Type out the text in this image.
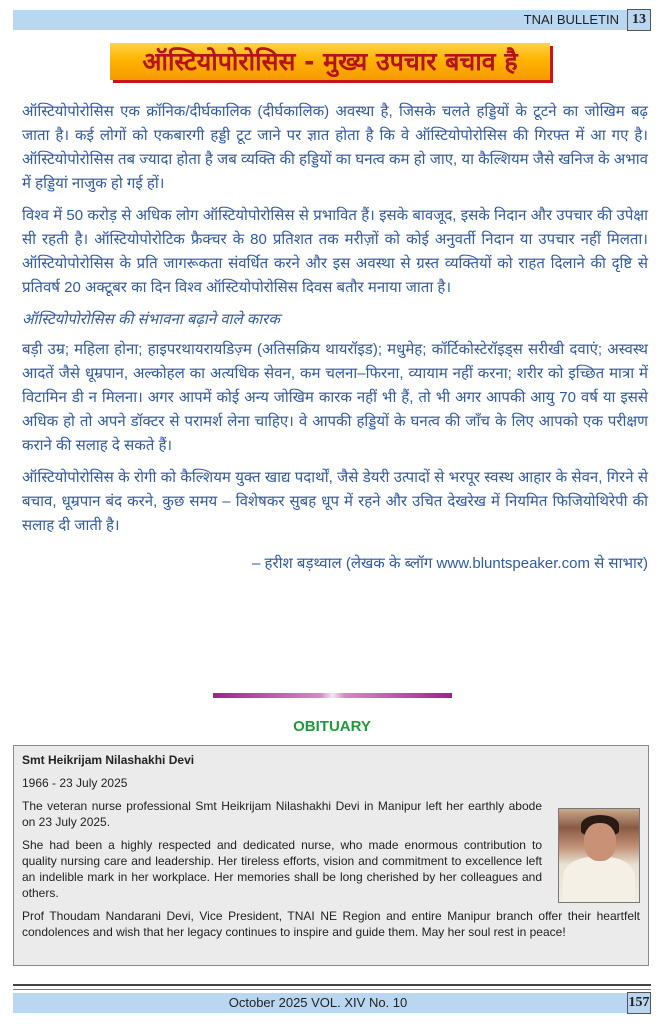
TNAI BULLETIN 13
ऑस्टियोपोरोसिस - मुख्य उपचार बचाव है

ऑस्टियोपोरोसिस एक क्रॉनिक/दीर्घकालिक (दीर्घकालिक) अवस्था है, जिसके चलते हड्डियों के टूटने का जोखिम बढ़ जाता है। कई लोगों को एकबारगी हड्डी टूट जाने पर ज्ञात होता है कि वे ऑस्टियोपोरोसिस की गिरफ्त में आ गए है। ऑस्टियोपोरोसिस तब ज्यादा होता है जब व्यक्ति की हड्डियों का घनत्व कम हो जाए, या कैल्शियम जैसे खनिज के अभाव में हड्डियां नाजुक हो गई हों।

विश्व में 50 करोड़ से अधिक लोग ऑस्टियोपोरोसिस से प्रभावित हैं। इसके बावजूद, इसके निदान और उपचार की उपेक्षा सी रहती है। ऑस्टियोपोरोटिक फ्रैक्चर के 80 प्रतिशत तक मरीज़ों को कोई अनुवर्ती निदान या उपचार नहीं मिलता। ऑस्टियोपोरोसिस के प्रति जागरूकता संवर्धित करने और इस अवस्था से ग्रस्त व्यक्तियों को राहत दिलाने की दृष्टि से प्रतिवर्ष 20 अक्टूबर का दिन विश्व ऑस्टियोपोरोसिस दिवस बतौर मनाया जाता है।

ऑस्टियोपोरोसिस की संभावना बढ़ाने वाले कारक

बड़ी उम्र; महिला होना; हाइपरथायरायडिज़्म (अतिसक्रिय थायरॉइड); मधुमेह; कॉर्टिकोस्टेरॉइड्स सरीखी दवाएं; अस्वस्थ आदतें जैसे धूम्रपान, अल्कोहल का अत्यधिक सेवन, कम चलना–फिरना, व्यायाम नहीं करना; शरीर को इच्छित मात्रा में विटामिन डी न मिलना। अगर आपमें कोई अन्य जोखिम कारक नहीं भी हैं, तो भी अगर आपकी आयु 70 वर्ष या इससे अधिक हो तो अपने डॉक्टर से परामर्श लेना चाहिए। वे आपकी हड्डियों के घनत्व की जाँच के लिए आपको एक परीक्षण कराने की सलाह दे सकते हैं।

ऑस्टियोपोरोसिस के रोगी को कैल्शियम युक्त खाद्य पदार्थों, जैसे डेयरी उत्पादों से भरपूर स्वस्थ आहार के सेवन, गिरने से बचाव, धूम्रपान बंद करने, कुछ समय – विशेषकर सुबह धूप में रहने और उचित देखरेख में नियमित फिजियोथिरेपी की सलाह दी जाती है।

– हरीश बड़थ्वाल (लेखक के ब्लॉग www.bluntspeaker.com से साभार)

OBITUARY

Smt Heikrijam Nilashakhi Devi

1966 - 23 July 2025

The veteran nurse professional Smt Heikrijam Nilashakhi Devi in Manipur left her earthly abode on 23 July 2025.

She had been a highly respected and dedicated nurse, who made enormous contribution to quality nursing care and leadership. Her tireless efforts, vision and commitment to excellence left an indelible mark in her workplace. Her memories shall be long cherished by her colleagues and others.

Prof Thoudam Nandarani Devi, Vice President, TNAI NE Region and entire Manipur branch offer their heartfelt condolences and wish that her legacy continues to inspire and guide them. May her soul rest in peace!

October 2025 VOL. XIV No. 10	157
